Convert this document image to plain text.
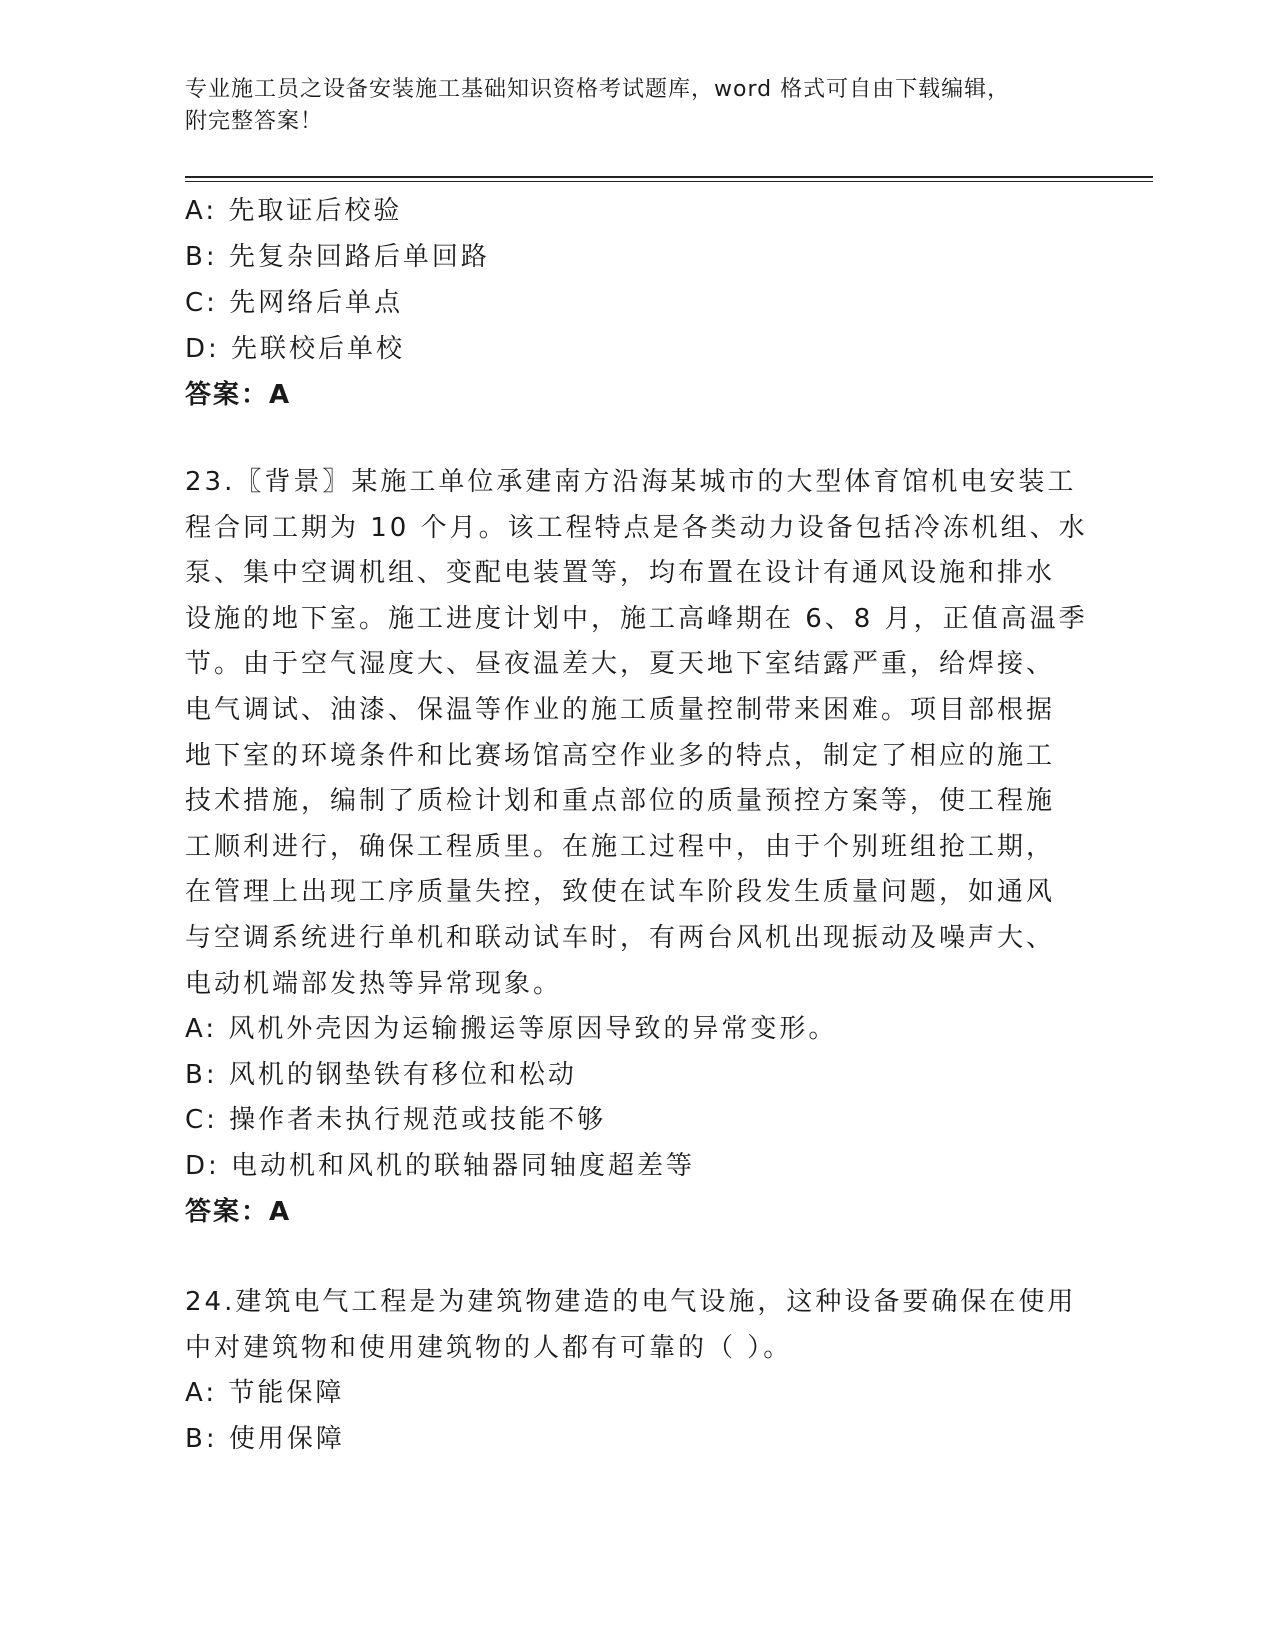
专业施工员之设备安装施工基础知识资格考试题库，word 格式可自由下载编辑，
附完整答案！
A: 先取证后校验
B: 先复杂回路后单回路
C: 先网络后单点
D: 先联校后单校
答案：A
23.〖背景〗某施工单位承建南方沿海某城市的大型体育馆机电安装工
程合同工期为 10 个月。该工程特点是各类动力设备包括冷冻机组、水
泵、集中空调机组、变配电装置等，均布置在设计有通风设施和排水
设施的地下室。施工进度计划中，施工高峰期在 6、8 月，正值高温季
节。由于空气湿度大、昼夜温差大，夏天地下室结露严重，给焊接、
电气调试、油漆、保温等作业的施工质量控制带来困难。项目部根据
地下室的环境条件和比赛场馆高空作业多的特点，制定了相应的施工
技术措施，编制了质检计划和重点部位的质量预控方案等，使工程施
工顺利进行，确保工程质里。在施工过程中，由于个别班组抢工期，
在管理上出现工序质量失控，致使在试车阶段发生质量问题，如通风
与空调系统进行单机和联动试车时，有两台风机出现振动及噪声大、
电动机端部发热等异常现象。
A: 风机外壳因为运输搬运等原因导致的异常变形。
B: 风机的钢垫铁有移位和松动
C: 操作者未执行规范或技能不够
D: 电动机和风机的联轴器同轴度超差等
答案：A
24.建筑电气工程是为建筑物建造的电气设施，这种设备要确保在使用
中对建筑物和使用建筑物的人都有可靠的（ ）。
A: 节能保障
B: 使用保障
